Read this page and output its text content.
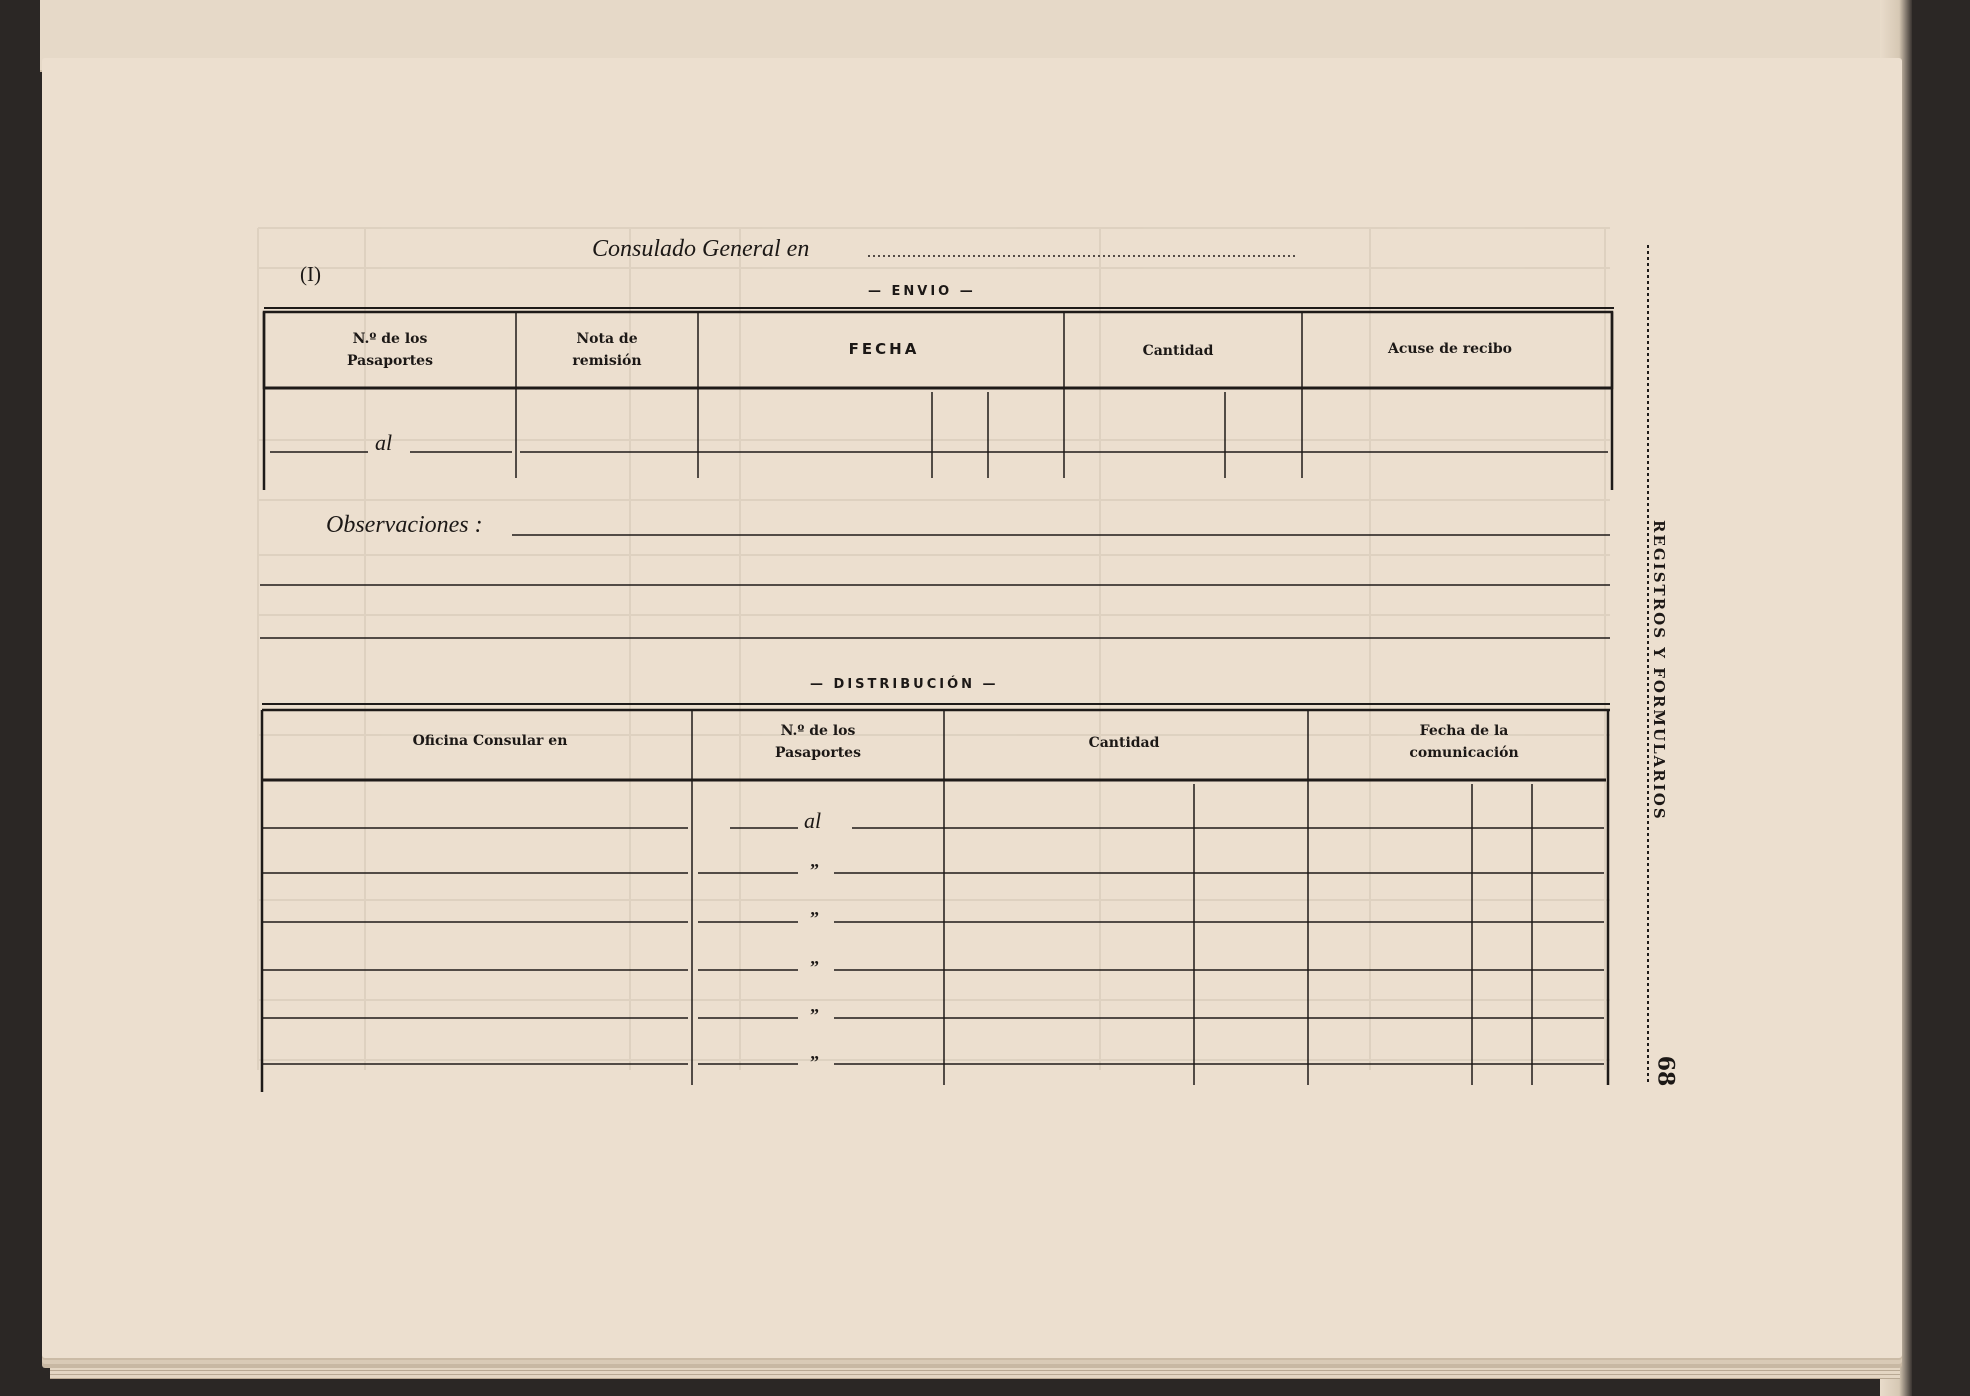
(I)
Consulado General en
— ENVIO —
N.º de los
Pasaportes
Nota de
remisión
FECHA	Cantidad	Acuse de recibo
al
Observaciones :
— DISTRIBUCIÓN —
Oficina Consular en
N.º de los
Pasaportes
Cantidad
Fecha de la
comunicación
al
”
”
”
”
”
REGISTROS Y FORMULARIOS
68
